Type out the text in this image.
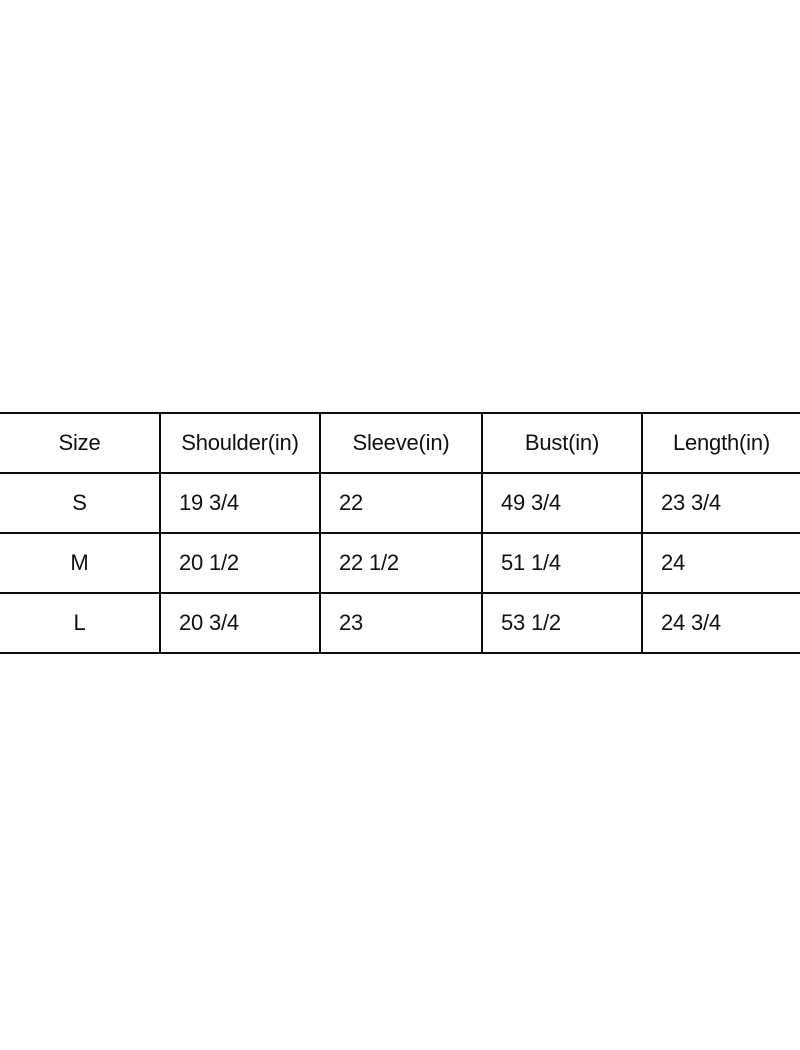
Size	Shoulder(in)	Sleeve(in)	Bust(in)	Length(in)
S	19 3/4	22	49 3/4	23 3/4
M	20 1/2	22 1/2	51 1/4	24
L	20 3/4	23	53 1/2	24 3/4
